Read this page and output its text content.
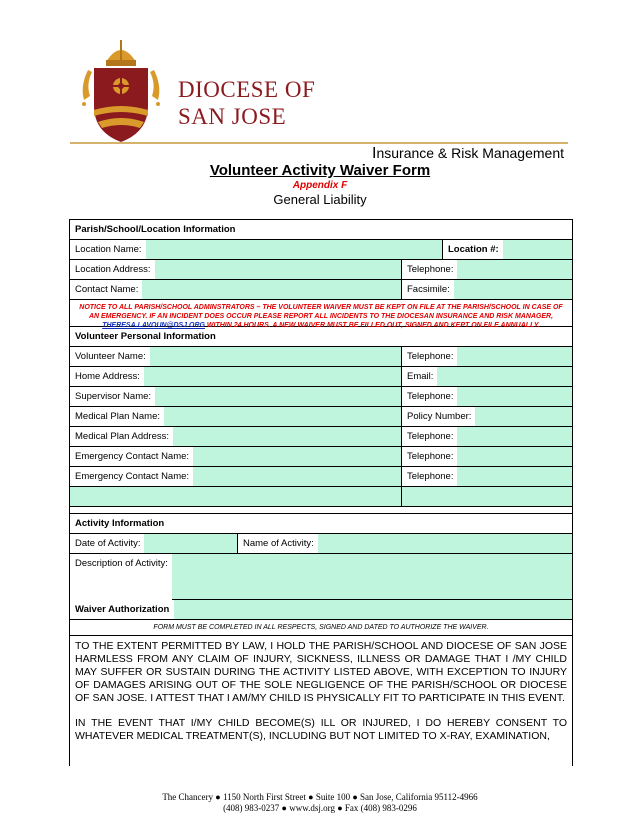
DIOCESE OF
SAN JOSE
Insurance & Risk Management
Volunteer Activity Waiver Form
Appendix F
General Liability
Parish/School/Location Information
Location Name:	Location #:
Location Address:	Telephone:
Contact Name:	Facsimile:
NOTICE TO ALL PARISH/SCHOOL ADMINSTRATORS – THE VOLUNTEER WAIVER MUST BE KEPT ON FILE AT THE PARISH/SCHOOL IN CASE OF AN EMERGENCY. IF AN INCIDENT DOES OCCUR PLEASE REPORT ALL INCIDENTS TO THE DIOCESAN INSURANCE AND RISK MANAGER,
THERESA.LAVOUN@DSJ.ORG WITHIN 24 HOURS. A NEW WAIVER MUST BE FILLED OUT, SIGNED AND KEPT ON FILE ANNUALLY.
Volunteer Personal Information
Volunteer Name:	Telephone:
Home Address:	Email:
Supervisor Name:	Telephone:
Medical Plan Name:	Policy Number:
Medical Plan Address:	Telephone:
Emergency Contact Name:	Telephone:
Emergency Contact Name:	Telephone:
Activity Information
Date of Activity:	Name of Activity:
Description of Activity:
Waiver Authorization
FORM MUST BE COMPLETED IN ALL RESPECTS, SIGNED AND DATED TO AUTHORIZE THE WAIVER.

TO THE EXTENT PERMITTED BY LAW, I HOLD THE PARISH/SCHOOL AND DIOCESE OF SAN JOSE HARMLESS FROM ANY CLAIM OF INJURY, SICKNESS, ILLNESS OR DAMAGE THAT I /MY CHILD MAY SUFFER OR SUSTAIN DURING THE ACTIVITY LISTED ABOVE, WITH EXCEPTION TO INJURY OF DAMAGES ARISING OUT OF THE SOLE NEGLIGENCE OF THE PARISH/SCHOOL OR DIOCESE OF SAN JOSE. I ATTEST THAT I AM/MY CHILD IS PHYSICALLY FIT TO PARTICIPATE IN THIS EVENT.

IN THE EVENT THAT I/MY CHILD BECOME(S) ILL OR INJURED, I DO HEREBY CONSENT TO WHATEVER MEDICAL TREATMENT(S), INCLUDING BUT NOT LIMITED TO X-RAY, EXAMINATION,

The Chancery ● 1150 North First Street ● Suite 100 ● San Jose, California 95112-4966
(408) 983-0237 ● www.dsj.org ● Fax (408) 983-0296
